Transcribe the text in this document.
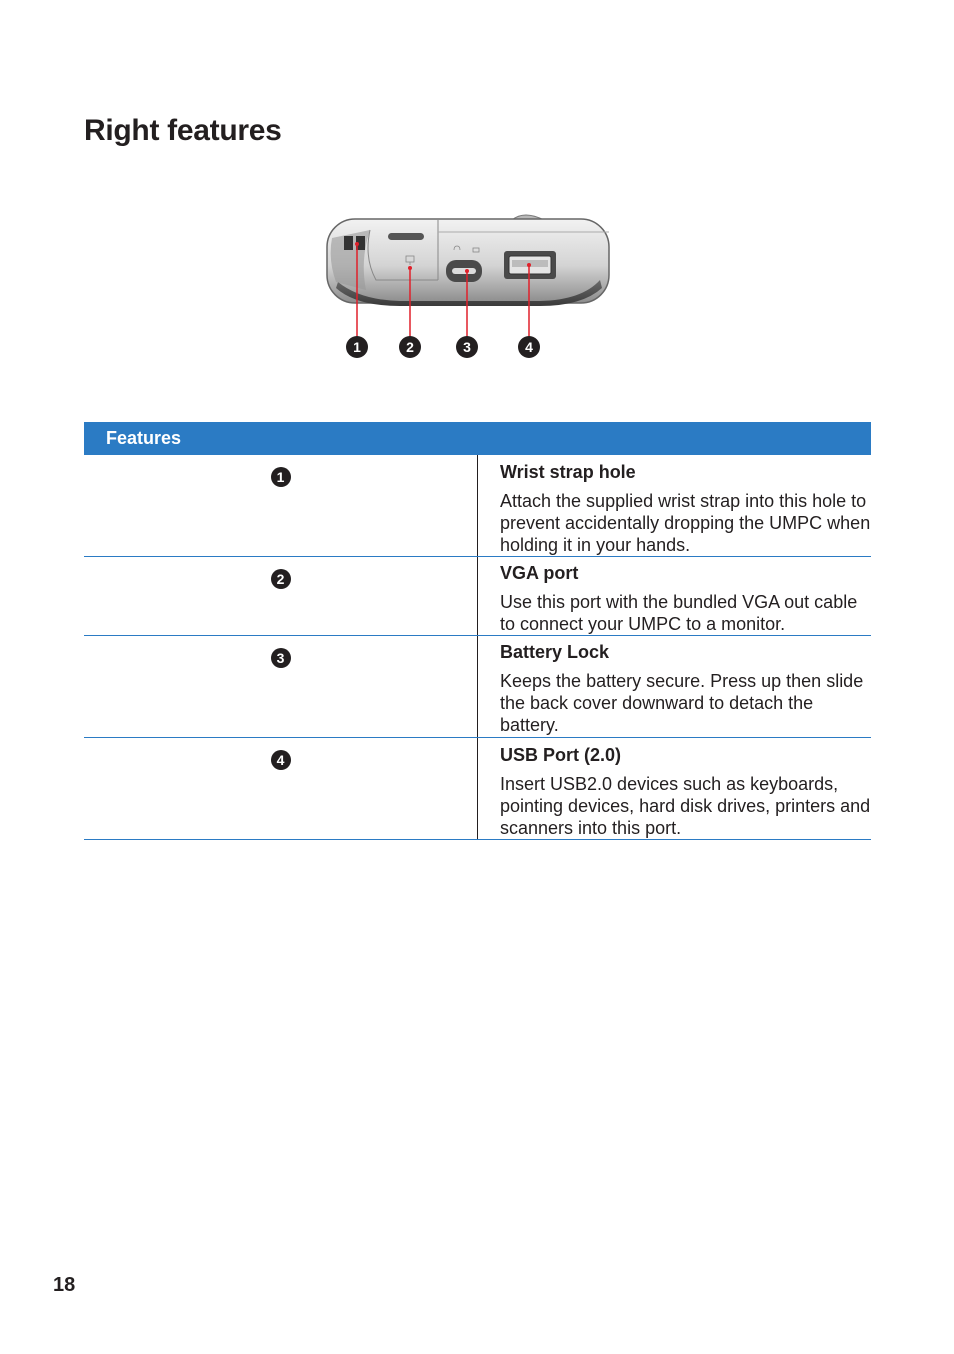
Right features
1	2	3	4
Features	
1	Wrist strap hole
Attach the supplied wrist strap into this hole to prevent accidentally dropping the UMPC when holding it in your hands.

2	VGA port
Use this port with the bundled VGA out cable to connect your UMPC to a monitor.

3	Battery Lock
Keeps the battery secure. Press up then slide the back cover downward to detach the battery.

4	USB Port (2.0)
Insert USB2.0 devices such as keyboards, pointing devices, hard disk drives, printers and scanners into this port.
18
